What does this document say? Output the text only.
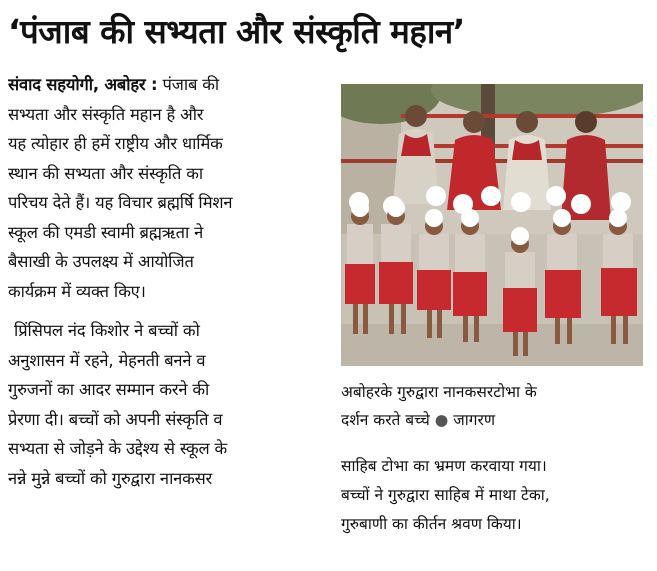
‘पंजाब की सभ्यता और संस्कृति महान’

संवाद सहयोगी, अबोहर : पंजाब की

सभ्यता और संस्कृति महान है और

यह त्योहार ही हमें राष्ट्रीय और धार्मिक

स्थान की सभ्यता और संस्कृति का

परिचय देते हैं। यह विचार ब्रह्मर्षि मिशन

स्कूल की एमडी स्वामी ब्रह्मऋता ने

बैसाखी के उपलक्ष्य में आयोजित

कार्यक्रम में व्यक्त किए।

प्रिंसिपल नंद किशोर ने बच्चों को

अनुशासन में रहने, मेहनती बनने व

गुरुजनों का आदर सम्मान करने की

प्रेरणा दी। बच्चों को अपनी संस्कृति व

सभ्यता से जोड़ने के उद्देश्य से स्कूल के

नन्ने मुन्ने बच्चों को गुरुद्वारा नानकसर

अबोहरके गुरुद्वारा नानकसरटोभा के
दर्शन करते बच्चे ● जागरण

साहिब टोभा का भ्रमण करवाया गया।

बच्चों ने गुरुद्वारा साहिब में माथा टेका,

गुरुबाणी का कीर्तन श्रवण किया।
